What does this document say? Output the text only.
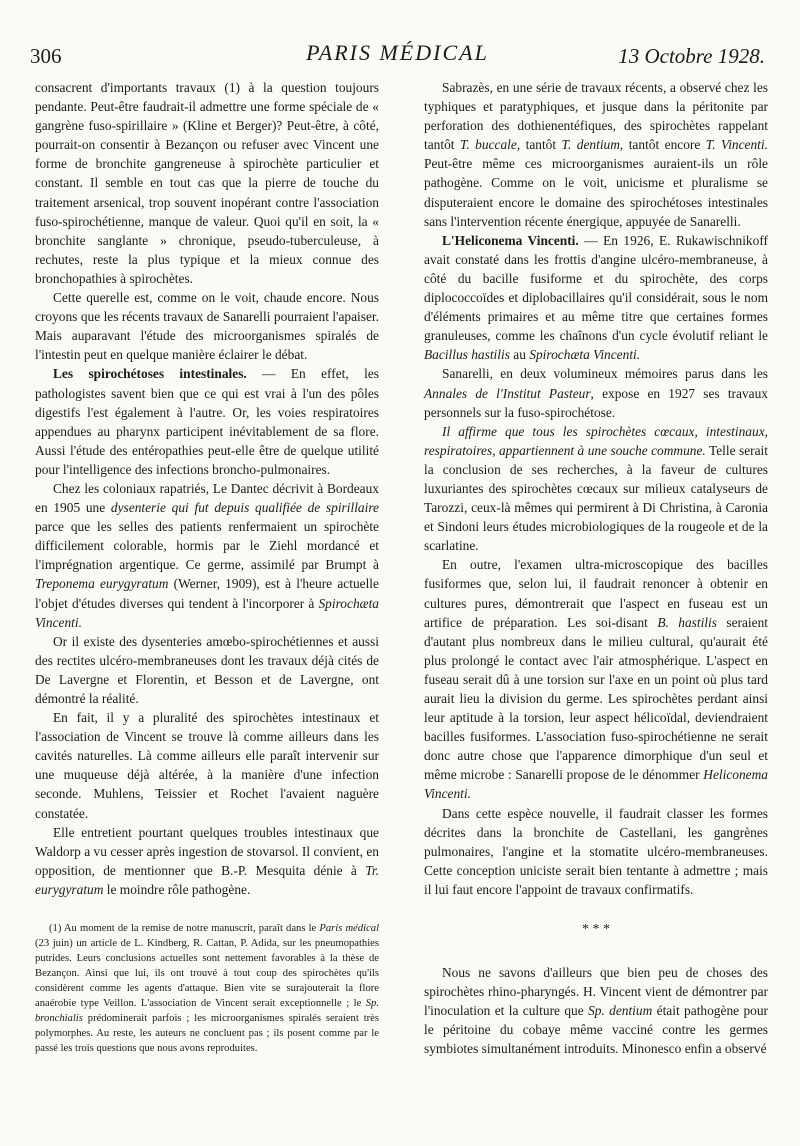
306	PARIS MÉDICAL	13 Octobre 1928.

consacrent d'importants travaux (1) à la question toujours pendante. Peut-être faudrait-il admettre une forme spéciale de « gangrène fuso-spirillaire » (Kline et Berger)? Peut-être, à côté, pourrait-on consentir à Bezançon ou refuser avec Vincent une forme de bronchite gangreneuse à spirochète particulier et constant. Il semble en tout cas que la pierre de touche du traitement arsenical, trop souvent inopérant contre l'association fuso-spirochétienne, manque de valeur. Quoi qu'il en soit, la « bronchite sanglante » chronique, pseudo-tuberculeuse, à rechutes, reste la plus typique et la mieux connue des bronchopathies à spirochètes.

Cette querelle est, comme on le voit, chaude encore. Nous croyons que les récents travaux de Sanarelli pourraient l'apaiser. Mais auparavant l'étude des microorganismes spiralés de l'intestin peut en quelque manière éclairer le débat.

Les spirochétoses intestinales. — En effet, les pathologistes savent bien que ce qui est vrai à l'un des pôles digestifs l'est également à l'autre. Or, les voies respiratoires appendues au pharynx participent inévitablement de sa flore. Aussi l'étude des entéropathies peut-elle être de quelque utilité pour l'intelligence des infections broncho-pulmonaires.

Chez les coloniaux rapatriés, Le Dantec décrivit à Bordeaux en 1905 une dysenterie qui fut depuis qualifiée de spirillaire parce que les selles des patients renfermaient un spirochète difficilement colorable, hormis par le Ziehl mordancé et l'imprégnation argentique. Ce germe, assimilé par Brumpt à Treponema eurygyratum (Werner, 1909), est à l'heure actuelle l'objet d'études diverses qui tendent à l'incorporer à Spirochæta Vincenti.

Or il existe des dysenteries amœbo-spirochétiennes et aussi des rectites ulcéro-membraneuses dont les travaux déjà cités de De Lavergne et Florentin, et Besson et de Lavergne, ont démontré la réalité.

En fait, il y a pluralité des spirochètes intestinaux et l'association de Vincent se trouve là comme ailleurs dans les cavités naturelles. Là comme ailleurs elle paraît intervenir sur une muqueuse déjà altérée, à la manière d'une infection seconde. Muhlens, Teissier et Rochet l'avaient naguère constatée.

Elle entretient pourtant quelques troubles intestinaux que Waldorp a vu cesser après ingestion de stovarsol. Il convient, en opposition, de mentionner que B.-P. Mesquita dénie à Tr. eurygyratum le moindre rôle pathogène.

(1) Au moment de la remise de notre manuscrit, paraît dans le Paris médical (23 juin) un article de L. Kindberg, R. Cattan, P. Adida, sur les pneumopathies putrides. Leurs conclusions actuelles sont nettement favorables à la thèse de Bezançon. Ainsi que lui, ils ont trouvé à tout coup des spirochètes qu'ils considèrent comme les agents d'attaque. Bien vite se surajouterait la flore anaérobie type Veillon. L'association de Vincent serait exceptionnelle ; le Sp. bronchialis prédominerait parfois ; les microorganismes spiralés seraient très polymorphes. Au reste, les auteurs ne concluent pas ; ils posent comme par le passé les trois questions que nous avons reproduites.

Sabrazès, en une série de travaux récents, a observé chez les typhiques et paratyphiques, et jusque dans la péritonite par perforation des dothienentéfiques, des spirochètes rappelant tantôt T. buccale, tantôt T. dentium, tantôt encore T. Vincenti. Peut-être même ces microorganismes auraient-ils un rôle pathogène. Comme on le voit, unicisme et pluralisme se disputeraient encore le domaine des spirochétoses intestinales sans l'intervention récente énergique, appuyée de Sanarelli.

L'Heliconema Vincenti. — En 1926, E. Rukawischnikoff avait constaté dans les frottis d'angine ulcéro-membraneuse, à côté du bacille fusiforme et du spirochète, des corps diplococcoïdes et diplobacillaires qu'il considérait, sous le nom d'éléments primaires et au même titre que certaines formes granuleuses, comme les chaînons d'un cycle évolutif reliant le Bacillus hastilis au Spirochæta Vincenti.

Sanarelli, en deux volumineux mémoires parus dans les Annales de l'Institut Pasteur, expose en 1927 ses travaux personnels sur la fuso-spirochétose.

Il affirme que tous les spirochètes cœcaux, intestinaux, respiratoires, appartiennent à une souche commune. Telle serait la conclusion de ses recherches, à la faveur de cultures luxuriantes des spirochètes cœcaux sur milieux catalyseurs de Tarozzi, ceux-là mêmes qui permirent à Di Christina, à Caronia et Sindoni leurs études microbiologiques de la rougeole et de la scarlatine.

En outre, l'examen ultra-microscopique des bacilles fusiformes que, selon lui, il faudrait renoncer à obtenir en cultures pures, démontrerait que l'aspect en fuseau est un artifice de préparation. Les soi-disant B. hastilis seraient d'autant plus nombreux dans le milieu cultural, qu'aurait été plus prolongé le contact avec l'air atmosphérique. L'aspect en fuseau serait dû à une torsion sur l'axe en un point où plus tard aurait lieu la division du germe. Les spirochètes perdant ainsi leur aptitude à la torsion, leur aspect hélicoïdal, deviendraient bacilles fusiformes. L'association fuso-spirochétienne ne serait donc autre chose que l'apparence dimorphique d'un seul et même microbe : Sanarelli propose de le dénommer Heliconema Vincenti.

Dans cette espèce nouvelle, il faudrait classer les formes décrites dans la bronchite de Castellani, les gangrènes pulmonaires, l'angine et la stomatite ulcéro-membraneuses. Cette conception uniciste serait bien tentante à admettre ; mais il lui faut encore l'appoint de travaux confirmatifs.

* * *

Nous ne savons d'ailleurs que bien peu de choses des spirochètes rhino-pharyngés. H. Vincent vient de démontrer par l'inoculation et la culture que Sp. dentium était pathogène pour le péritoine du cobaye même vacciné contre les germes symbiotes simultanément introduits. Minonesco enfin a observé
